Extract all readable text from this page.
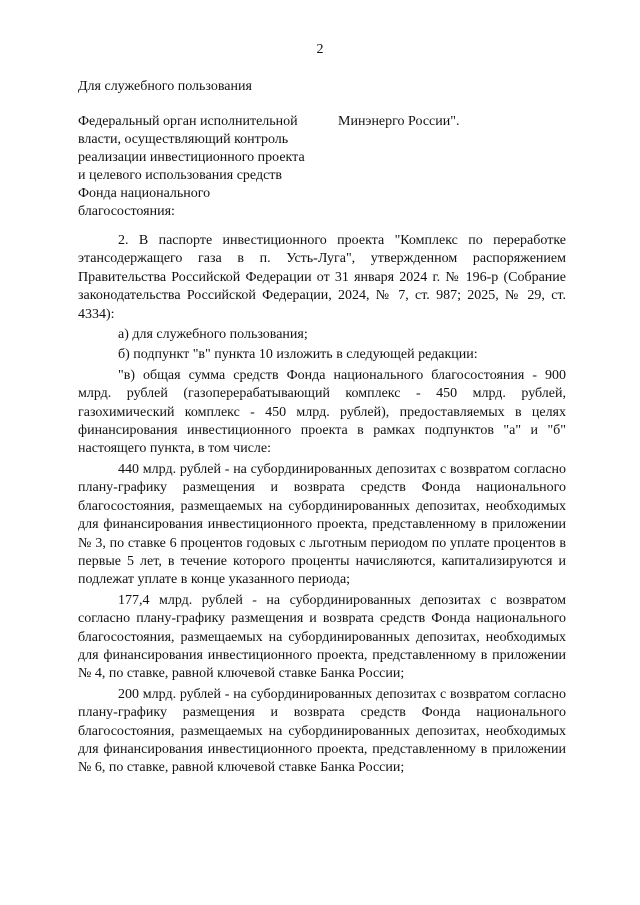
2
Для служебного пользования
Федеральный орган исполнительной
власти, осуществляющий контроль
реализации инвестиционного проекта
и целевого использования средств
Фонда национального
благосостояния:
Минэнерго России".

2. В паспорте инвестиционного проекта "Комплекс по переработке этансодержащего газа в п. Усть-Луга", утвержденном распоряжением Правительства Российской Федерации от 31 января 2024 г. № 196-р (Собрание законодательства Российской Федерации, 2024, № 7, ст. 987; 2025, № 29, ст. 4334):

а) для служебного пользования;

б) подпункт "в" пункта 10 изложить в следующей редакции:

"в) общая сумма средств Фонда национального благосостояния - 900 млрд. рублей (газоперерабатывающий комплекс - 450 млрд. рублей, газохимический комплекс - 450 млрд. рублей), предоставляемых в целях финансирования инвестиционного проекта в рамках подпунктов "а" и "б" настоящего пункта, в том числе:

440 млрд. рублей - на субординированных депозитах с возвратом согласно плану-графику размещения и возврата средств Фонда национального благосостояния, размещаемых на субординированных депозитах, необходимых для финансирования инвестиционного проекта, представленному в приложении № 3, по ставке 6 процентов годовых с льготным периодом по уплате процентов в первые 5 лет, в течение которого проценты начисляются, капитализируются и подлежат уплате в конце указанного периода;

177,4 млрд. рублей - на субординированных депозитах с возвратом согласно плану-графику размещения и возврата средств Фонда национального благосостояния, размещаемых на субординированных депозитах, необходимых для финансирования инвестиционного проекта, представленному в приложении № 4, по ставке, равной ключевой ставке Банка России;

200 млрд. рублей - на субординированных депозитах с возвратом согласно плану-графику размещения и возврата средств Фонда национального благосостояния, размещаемых на субординированных депозитах, необходимых для финансирования инвестиционного проекта, представленному в приложении № 6, по ставке, равной ключевой ставке Банка России;
